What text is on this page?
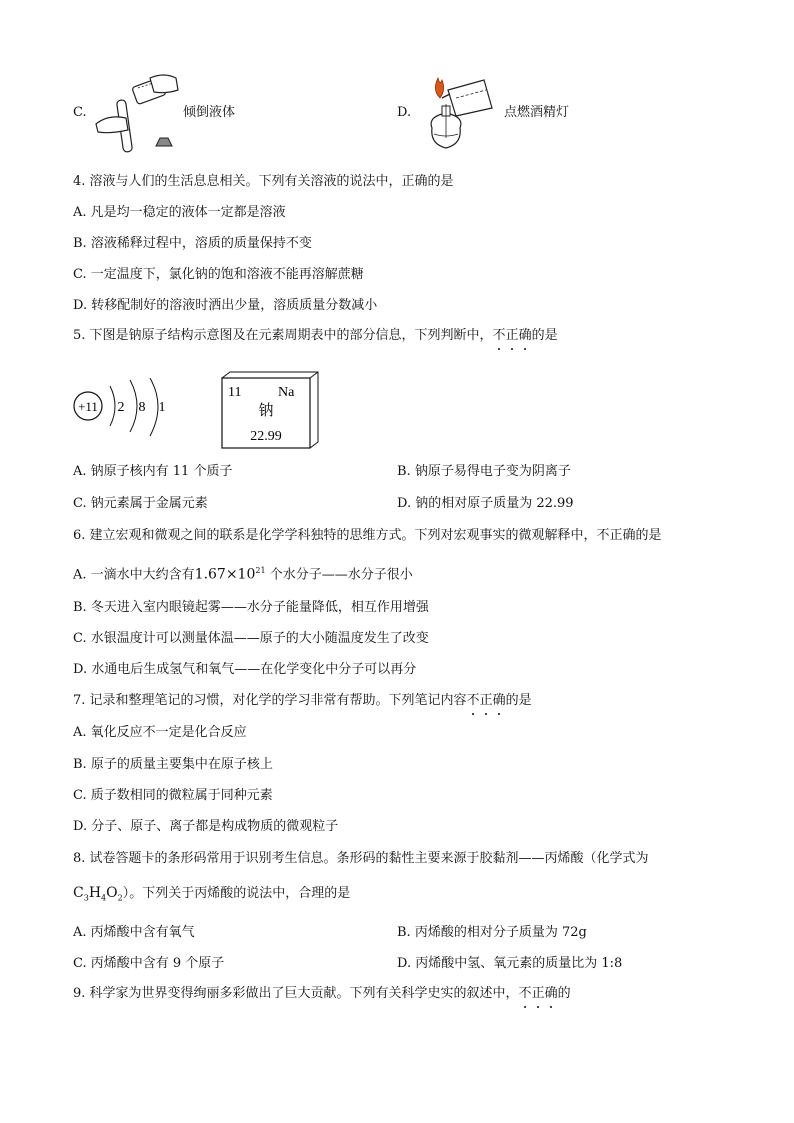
C.	倾倒液体	D.	点燃酒精灯
4. 溶液与人们的生活息息相关。下列有关溶液的说法中，正确的是
A. 凡是均一稳定的液体一定都是溶液
B. 溶液稀释过程中，溶质的质量保持不变
C. 一定温度下，氯化钠的饱和溶液不能再溶解蔗糖
D. 转移配制好的溶液时洒出少量，溶质质量分数减小
5. 下图是钠原子结构示意图及在元素周期表中的部分信息，下列判断中，不正确的是
+11 2 8 1
11	Na
钠
22.99
A. 钠原子核内有 11 个质子	B. 钠原子易得电子变为阴离子
C. 钠元素属于金属元素	D. 钠的相对原子质量为 22.99
6. 建立宏观和微观之间的联系是化学学科独特的思维方式。下列对宏观事实的微观解释中，不正确的是
A. 一滴水中大约含有$1.67\times 10^{21}$ 个水分子——水分子很小
B. 冬天进入室内眼镜起雾——水分子能量降低，相互作用增强
C. 水银温度计可以测量体温——原子的大小随温度发生了改变
D. 水通电后生成氢气和氧气——在化学变化中分子可以再分
7. 记录和整理笔记的习惯，对化学的学习非常有帮助。下列笔记内容不正确的是
A. 氧化反应不一定是化合反应
B. 原子的质量主要集中在原子核上
C. 质子数相同的微粒属于同种元素
D. 分子、原子、离子都是构成物质的微观粒子
8. 试卷答题卡的条形码常用于识别考生信息。条形码的黏性主要来源于胶黏剂——丙烯酸（化学式为
$C_3H_4O_2$）。下列关于丙烯酸的说法中，合理的是
A. 丙烯酸中含有氧气	B. 丙烯酸的相对分子质量为 72g
C. 丙烯酸中含有 9 个原子	D. 丙烯酸中氢、氧元素的质量比为 1:8
9. 科学家为世界变得绚丽多彩做出了巨大贡献。下列有关科学史实的叙述中，不正确的
